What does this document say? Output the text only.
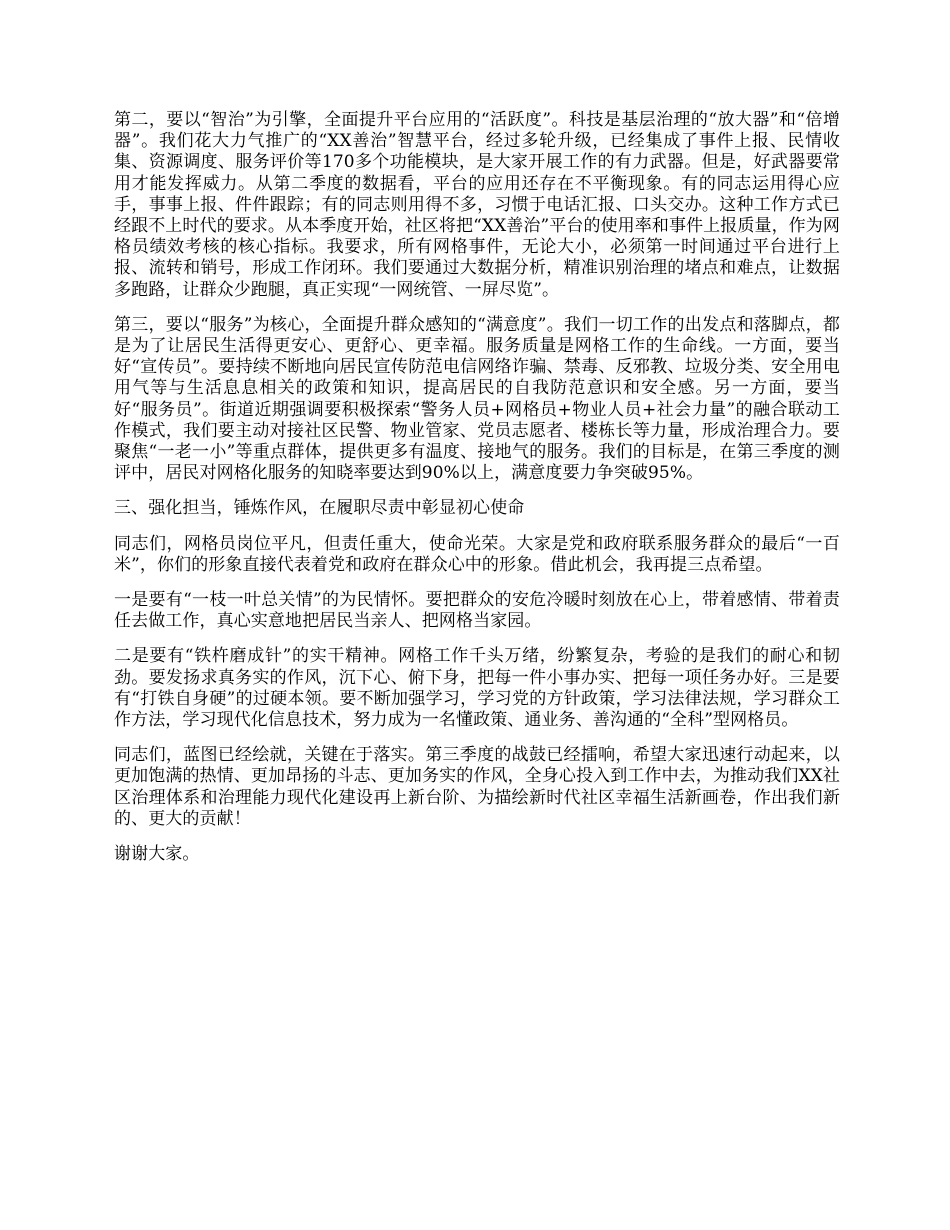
第二，要以“智治”为引擎，全面提升平台应用的“活跃度”。科技是基层治理的“放大器”和“倍增器”。我们花大力气推广的“XX善治”智慧平台，经过多轮升级，已经集成了事件上报、民情收集、资源调度、服务评价等170多个功能模块，是大家开展工作的有力武器。但是，好武器要常用才能发挥威力。从第二季度的数据看，平台的应用还存在不平衡现象。有的同志运用得心应手，事事上报、件件跟踪；有的同志则用得不多，习惯于电话汇报、口头交办。这种工作方式已经跟不上时代的要求。从本季度开始，社区将把“XX善治”平台的使用率和事件上报质量，作为网格员绩效考核的核心指标。我要求，所有网格事件，无论大小，必须第一时间通过平台进行上报、流转和销号，形成工作闭环。我们要通过大数据分析，精准识别治理的堵点和难点，让数据多跑路，让群众少跑腿，真正实现“一网统管、一屏尽览”。

第三，要以“服务”为核心，全面提升群众感知的“满意度”。我们一切工作的出发点和落脚点，都是为了让居民生活得更安心、更舒心、更幸福。服务质量是网格工作的生命线。一方面，要当好“宣传员”。要持续不断地向居民宣传防范电信网络诈骗、禁毒、反邪教、垃圾分类、安全用电用气等与生活息息相关的政策和知识，提高居民的自我防范意识和安全感。另一方面，要当好“服务员”。街道近期强调要积极探索“警务人员+网格员+物业人员+社会力量”的融合联动工作模式，我们要主动对接社区民警、物业管家、党员志愿者、楼栋长等力量，形成治理合力。要聚焦“一老一小”等重点群体，提供更多有温度、接地气的服务。我们的目标是，在第三季度的测评中，居民对网格化服务的知晓率要达到90%以上，满意度要力争突破95%。

三、强化担当，锤炼作风，在履职尽责中彰显初心使命

同志们，网格员岗位平凡，但责任重大，使命光荣。大家是党和政府联系服务群众的最后“一百米”，你们的形象直接代表着党和政府在群众心中的形象。借此机会，我再提三点希望。

一是要有“一枝一叶总关情”的为民情怀。要把群众的安危冷暖时刻放在心上，带着感情、带着责任去做工作，真心实意地把居民当亲人、把网格当家园。

二是要有“铁杵磨成针”的实干精神。网格工作千头万绪，纷繁复杂，考验的是我们的耐心和韧劲。要发扬求真务实的作风，沉下心、俯下身，把每一件小事办实、把每一项任务办好。三是要有“打铁自身硬”的过硬本领。要不断加强学习，学习党的方针政策，学习法律法规，学习群众工作方法，学习现代化信息技术，努力成为一名懂政策、通业务、善沟通的“全科”型网格员。

同志们，蓝图已经绘就，关键在于落实。第三季度的战鼓已经擂响，希望大家迅速行动起来，以更加饱满的热情、更加昂扬的斗志、更加务实的作风，全身心投入到工作中去，为推动我们XX社区治理体系和治理能力现代化建设再上新台阶、为描绘新时代社区幸福生活新画卷，作出我们新的、更大的贡献！

谢谢大家。
